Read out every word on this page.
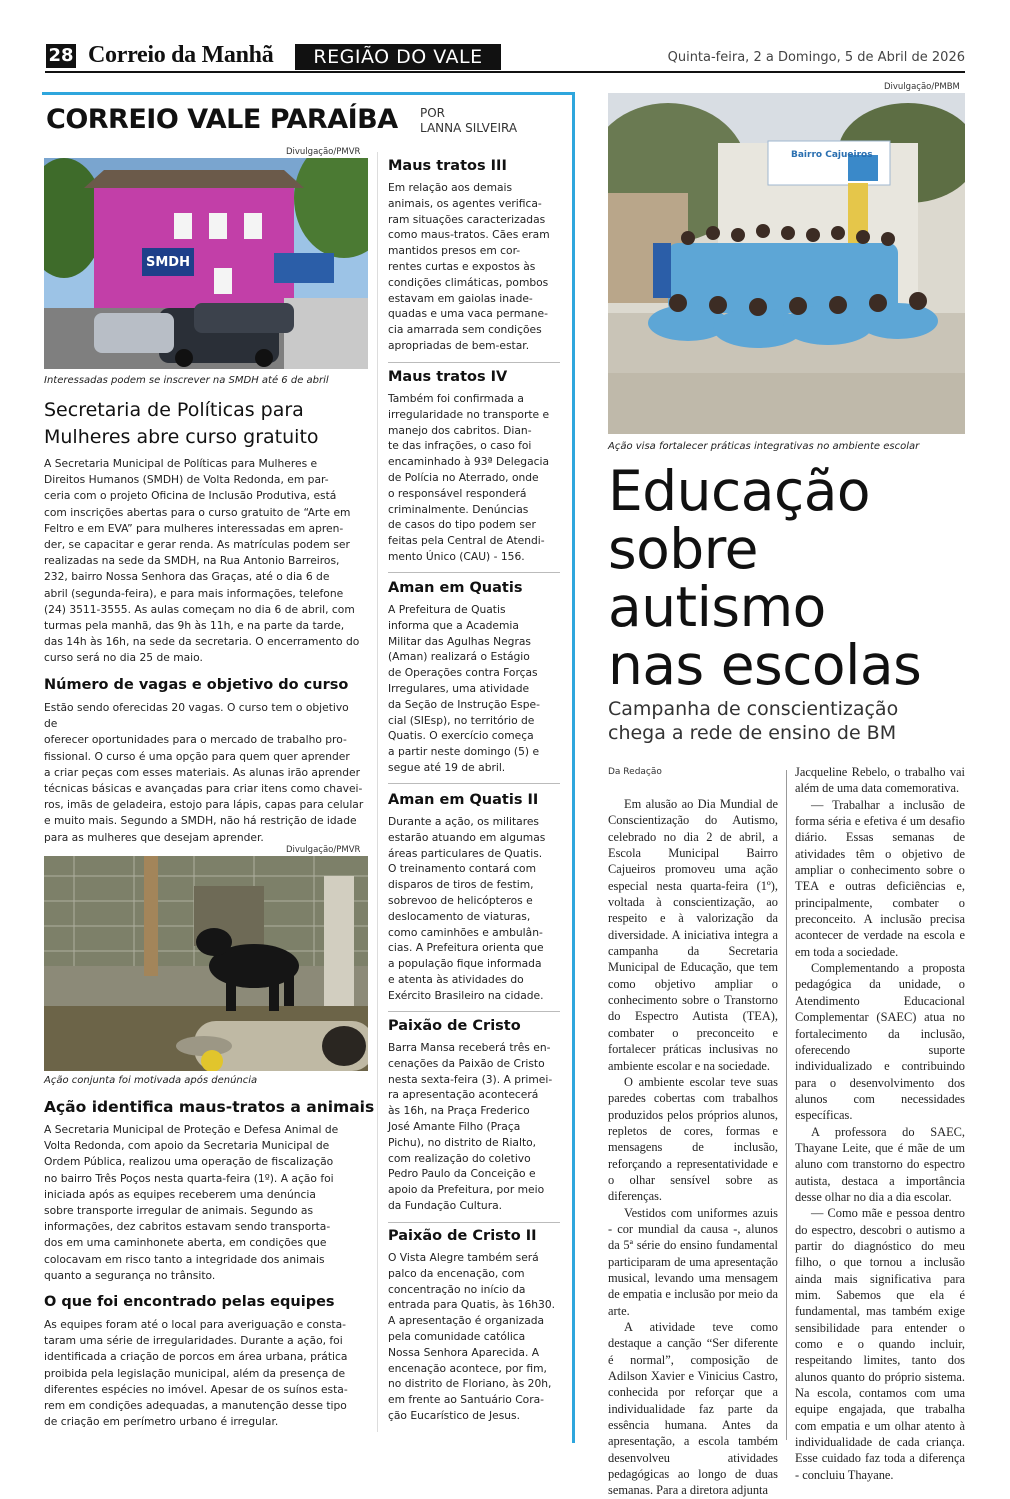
28 Correio da Manhã	REGIÃO DO VALE	Quinta-feira, 2 a Domingo, 5 de Abril de 2026
CORREIO VALE PARAÍBA POR
LANNA SILVEIRA
Divulgação/PMVR
SMDH
Interessadas podem se inscrever na SMDH até 6 de abril
Secretaria de Políticas para
Mulheres abre curso gratuito
A Secretaria Municipal de Políticas para Mulheres e
Direitos Humanos (SMDH) de Volta Redonda, em par-
ceria com o projeto Oficina de Inclusão Produtiva, está
com inscrições abertas para o curso gratuito de “Arte em
Feltro e em EVA” para mulheres interessadas em apren-
der, se capacitar e gerar renda. As matrículas podem ser
realizadas na sede da SMDH, na Rua Antonio Barreiros,
232, bairro Nossa Senhora das Graças, até o dia 6 de
abril (segunda-feira), e para mais informações, telefone
(24) 3511-3555. As aulas começam no dia 6 de abril, com
turmas pela manhã, das 9h às 11h, e na parte da tarde,
das 14h às 16h, na sede da secretaria. O encerramento do
curso será no dia 25 de maio.
Número de vagas e objetivo do curso
Estão sendo oferecidas 20 vagas. O curso tem o objetivo de
oferecer oportunidades para o mercado de trabalho pro-
fissional. O curso é uma opção para quem quer aprender
a criar peças com esses materiais. As alunas irão aprender
técnicas básicas e avançadas para criar itens como chavei-
ros, imãs de geladeira, estojo para lápis, capas para celular
e muito mais. Segundo a SMDH, não há restrição de idade
para as mulheres que desejam aprender.
Divulgação/PMVR
Ação conjunta foi motivada após denúncia
Ação identifica maus-tratos a animais
A Secretaria Municipal de Proteção e Defesa Animal de
Volta Redonda, com apoio da Secretaria Municipal de
Ordem Pública, realizou uma operação de fiscalização
no bairro Três Poços nesta quarta-feira (1º). A ação foi
iniciada após as equipes receberem uma denúncia
sobre transporte irregular de animais. Segundo as
informações, dez cabritos estavam sendo transporta-
dos em uma caminhonete aberta, em condições que
colocavam em risco tanto a integridade dos animais
quanto a segurança no trânsito.
O que foi encontrado pelas equipes
As equipes foram até o local para averiguação e consta-
taram uma série de irregularidades. Durante a ação, foi
identificada a criação de porcos em área urbana, prática
proibida pela legislação municipal, além da presença de
diferentes espécies no imóvel. Apesar de os suínos esta-
rem em condições adequadas, a manutenção desse tipo
de criação em perímetro urbano é irregular.
Maus tratos III
Em relação aos demais
animais, os agentes verifica-
ram situações caracterizadas
como maus-tratos. Cães eram
mantidos presos em cor-
rentes curtas e expostos às
condições climáticas, pombos
estavam em gaiolas inade-
quadas e uma vaca permane-
cia amarrada sem condições
apropriadas de bem-estar.
Maus tratos IV
Também foi confirmada a
irregularidade no transporte e
manejo dos cabritos. Dian-
te das infrações, o caso foi
encaminhado à 93ª Delegacia
de Polícia no Aterrado, onde
o responsável responderá
criminalmente. Denúncias
de casos do tipo podem ser
feitas pela Central de Atendi-
mento Único (CAU) - 156.
Aman em Quatis
A Prefeitura de Quatis
informa que a Academia
Militar das Agulhas Negras
(Aman) realizará o Estágio
de Operações contra Forças
Irregulares, uma atividade
da Seção de Instrução Espe-
cial (SIEsp), no território de
Quatis. O exercício começa
a partir neste domingo (5) e
segue até 19 de abril.
Aman em Quatis II
Durante a ação, os militares
estarão atuando em algumas
áreas particulares de Quatis.
O treinamento contará com
disparos de tiros de festim,
sobrevoo de helicópteros e
deslocamento de viaturas,
como caminhões e ambulân-
cias. A Prefeitura orienta que
a população fique informada
e atenta às atividades do
Exército Brasileiro na cidade.
Paixão de Cristo
Barra Mansa receberá três en-
cenações da Paixão de Cristo
nesta sexta-feira (3). A primei-
ra apresentação acontecerá
às 16h, na Praça Frederico
José Amante Filho (Praça
Pichu), no distrito de Rialto,
com realização do coletivo
Pedro Paulo da Conceição e
apoio da Prefeitura, por meio
da Fundação Cultura.
Paixão de Cristo II
O Vista Alegre também será
palco da encenação, com
concentração no início da
entrada para Quatis, às 16h30.
A apresentação é organizada
pela comunidade católica
Nossa Senhora Aparecida. A
encenação acontece, por fim,
no distrito de Floriano, às 20h,
em frente ao Santuário Cora-
ção Eucarístico de Jesus.
Divulgação/PMBM
Bairro Cajueiros
Ação visa fortalecer práticas integrativas no ambiente escolar
Educação
sobre
autismo
nas escolas
Campanha de conscientização
chega a rede de ensino de BM
Da Redação

Em alusão ao Dia Mundial de Conscientização do Autismo, celebrado no dia 2 de abril, a Escola Municipal Bairro Cajueiros promoveu uma ação especial nesta quarta-feira (1º), voltada à conscientização, ao respeito e à valorização da diversidade. A iniciativa integra a campanha da Secretaria Municipal de Educação, que tem como objetivo ampliar o conhecimento sobre o Transtorno do Espectro Autista (TEA), combater o preconceito e fortalecer práticas inclusivas no ambiente escolar e na sociedade.

O ambiente escolar teve suas paredes cobertas com trabalhos produzidos pelos próprios alunos, repletos de cores, formas e mensagens de inclusão, reforçando a representatividade e o olhar sensível sobre as diferenças.

Vestidos com uniformes azuis - cor mundial da causa -, alunos da 5ª série do ensino fundamental participaram de uma apresentação musical, levando uma mensagem de empatia e inclusão por meio da arte.

A atividade teve como destaque a canção “Ser diferente é normal”, composição de Adilson Xavier e Vinicius Castro, conhecida por reforçar que a individualidade faz parte da essência humana. Antes da apresentação, a escola também desenvolveu atividades pedagógicas ao longo de duas semanas. Para a diretora adjunta

Jacqueline Rebelo, o trabalho vai além de uma data comemorativa.

— Trabalhar a inclusão de forma séria e efetiva é um desafio diário. Essas semanas de atividades têm o objetivo de ampliar o conhecimento sobre o TEA e outras deficiências e, principalmente, combater o preconceito. A inclusão precisa acontecer de verdade na escola e em toda a sociedade.

Complementando a proposta pedagógica da unidade, o Atendimento Educacional Complementar (SAEC) atua no fortalecimento da inclusão, oferecendo suporte individualizado e contribuindo para o desenvolvimento dos alunos com necessidades específicas.

A professora do SAEC, Thayane Leite, que é mãe de um aluno com transtorno do espectro autista, destaca a importância desse olhar no dia a dia escolar.

— Como mãe e pessoa dentro do espectro, descobri o autismo a partir do diagnóstico do meu filho, o que tornou a inclusão ainda mais significativa para mim. Sabemos que ela é fundamental, mas também exige sensibilidade para entender o como e o quando incluir, respeitando limites, tanto dos alunos quanto do próprio sistema. Na escola, contamos com uma equipe engajada, que trabalha com empatia e um olhar atento à individualidade de cada criança. Esse cuidado faz toda a diferença - concluiu Thayane.
